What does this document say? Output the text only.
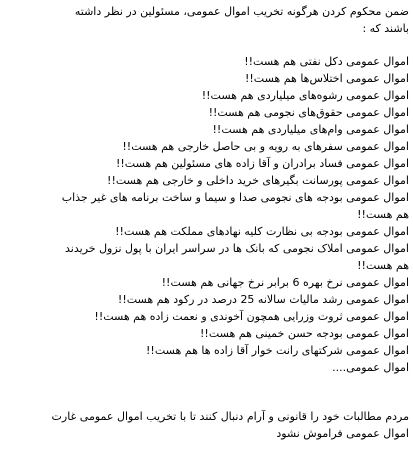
ضمن محکوم کردن هرگونه تخریب اموال عمومی، مسئولین در نظر داشته
باشند که :
اموال عمومی دکل نفتی هم هست!!
اموال عمومی اختلاس‌ها هم هست!!
اموال عمومی رشوه‌های میلیاردی هم هست!!
اموال عمومی حقوق‌های نجومی هم هست!!
اموال عمومی وام‌های میلیاردی هم هست!!
اموال عمومی سفرهای به رویه و بی حاصل خارجی هم هست!!
اموال عمومی فساد برادران و آقا زاده های مسئولین هم هست!!
اموال عمومی پورسانت بگیرهای خرید داخلی و خارجی هم هست!!
اموال عمومی بودجه های نجومی صدا و سیما و ساخت برنامه های غیر جذاب
هم هست!!
اموال عمومی بودجه بی نظارت کلیه نهادهای مملکت هم هست!!
اموال عمومی املاک نجومی که بانک ها در سراسر ایران با پول نزول خریدند
هم هست!!
اموال عمومی نرخ بهره 6 برابر نرخ جهانی هم هست!!
اموال عمومی رشد مالیات سالانه 25 درصد در رکود هم هست!!
اموال عمومی ثروت وزرایی همچون آخوندی و نعمت زاده هم هست!!
اموال عمومی بودجه حسن خمینی هم هست!!
اموال عمومی شرکتهای رانت خوار آقا زاده ها هم هست!!
اموال عمومی....
مردم مطالبات خود را قانونی و آرام دنبال کنند تا با تخریب اموال عمومی غارت
اموال عمومی فراموش نشود
